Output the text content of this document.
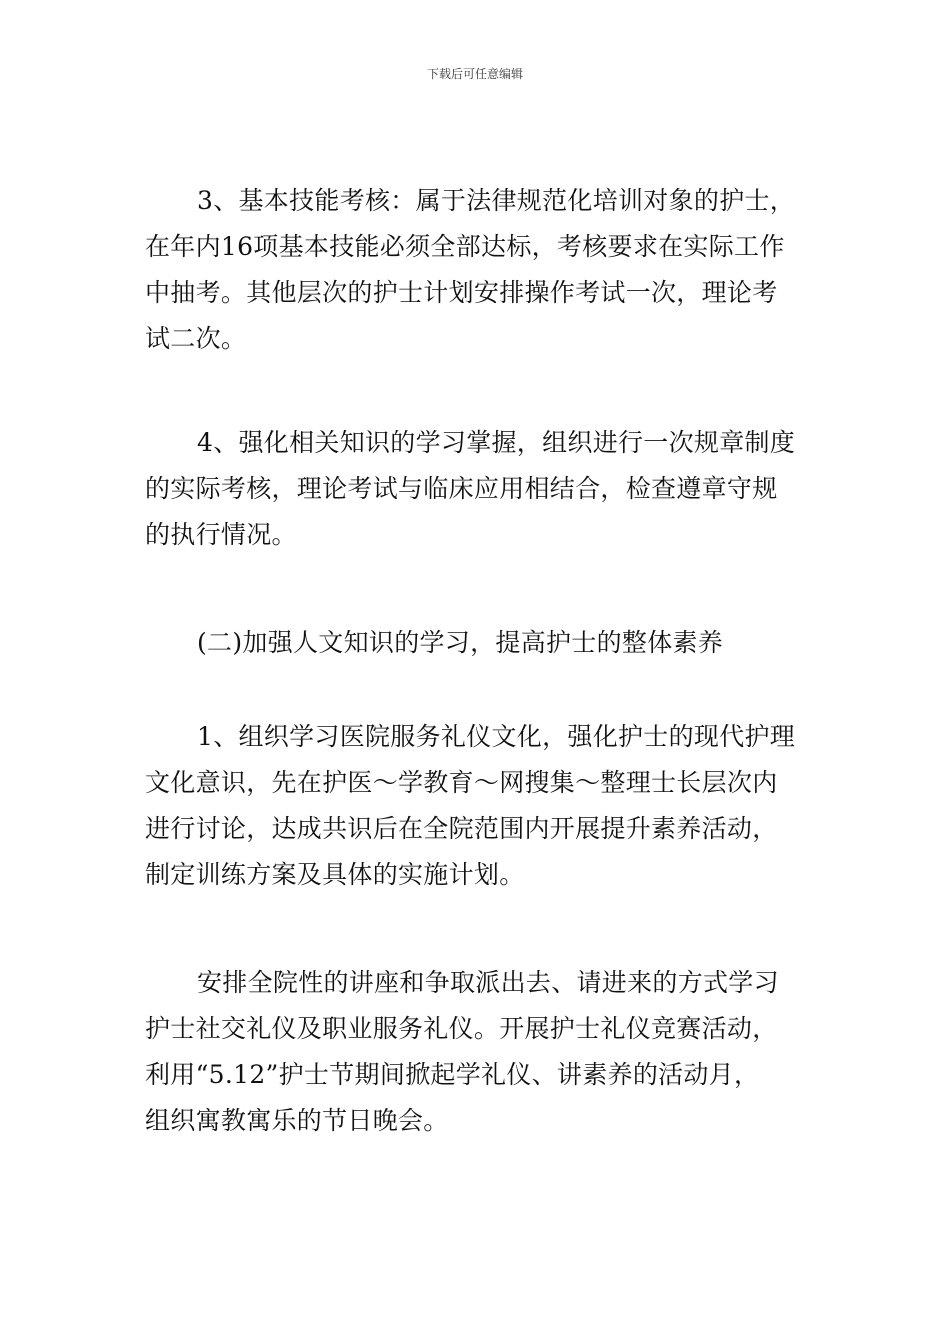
下载后可任意编辑

3、基本技能考核：属于法律规范化培训对象的护士，
在年内16项基本技能必须全部达标，考核要求在实际工作
中抽考。其他层次的护士计划安排操作考试一次，理论考
试二次。

4、强化相关知识的学习掌握，组织进行一次规章制度
的实际考核，理论考试与临床应用相结合，检查遵章守规
的执行情况。

(二)加强人文知识的学习，提高护士的整体素养

1、组织学习医院服务礼仪文化，强化护士的现代护理
文化意识，先在护医～学教育～网搜集～整理士长层次内
进行讨论，达成共识后在全院范围内开展提升素养活动，
制定训练方案及具体的实施计划。

安排全院性的讲座和争取派出去、请进来的方式学习
护士社交礼仪及职业服务礼仪。开展护士礼仪竞赛活动，
利用“5.12”护士节期间掀起学礼仪、讲素养的活动月，
组织寓教寓乐的节日晚会。
